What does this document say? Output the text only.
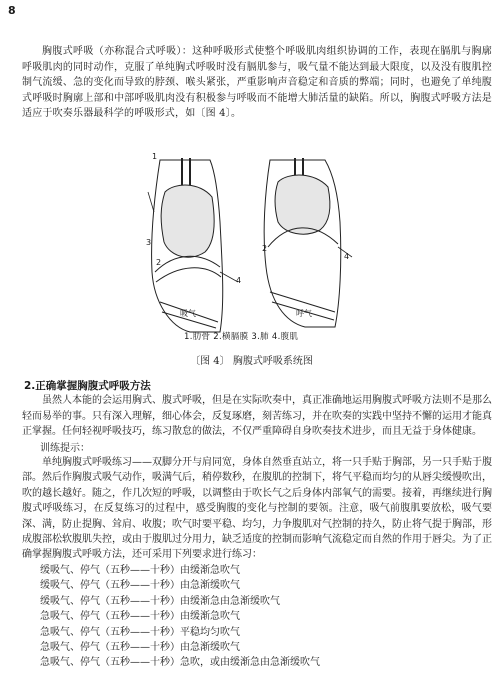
8

胸腹式呼吸（亦称混合式呼吸）：这种呼吸形式使整个呼吸肌肉组织协调的工作，表现在膈肌与胸廓呼吸肌肉的同时动作，克服了单纯胸式呼吸时没有膈肌参与，吸气量不能达到最大限度，以及没有腹肌控制气流缓、急的变化而导致的脖颈、喉头紧张，严重影响声音稳定和音质的弊端；同时，也避免了单纯腹式呼吸时胸廓上部和中部呼吸肌肉没有积极参与呼吸而不能增大肺活量的缺陷。所以，胸腹式呼吸方法是适应于吹奏乐器最科学的呼吸形式，如〔图 4〕。

1
3
2
4
2
4
吸气	呼气
1.肋骨 2.横膈膜 3.肺 4.腹肌
〔图 4〕 胸腹式呼吸系统图
2.正确掌握胸腹式呼吸方法

虽然人本能的会运用胸式、腹式呼吸，但是在实际吹奏中，真正准确地运用胸腹式呼吸方法则不是那么轻而易举的事。只有深入理解，细心体会，反复琢磨，刻苦练习，并在吹奏的实践中坚持不懈的运用才能真正掌握。任何轻视呼吸技巧，练习散怠的做法，不仅严重障碍自身吹奏技术进步，而且无益于身体健康。

训练提示：

单纯胸腹式呼吸练习——双脚分开与肩同宽，身体自然垂直站立，将一只手贴于胸部，另一只手贴于腹部。然后作胸腹式吸气动作，吸满气后，稍停数秒，在腹肌的控制下，将气平稳而均匀的从唇尖缓慢吹出，吹的越长越好。随之，作几次短的呼吸，以调整由于吹长气之后身体内部氧气的需要。接着，再继续进行胸腹式呼吸练习，在反复练习的过程中，感受胸腹的变化与控制的要领。注意，吸气前腹肌要放松，吸气要深、满，防止提胸、耸肩、收腹；吹气时要平稳、均匀，力争腹肌对气控制的持久，防止将气提于胸部，形成腹部松软腹肌失控，或由于腹肌过分用力，缺乏适度的控制而影响气流稳定而自然的作用于唇尖。为了正确掌握胸腹式呼吸方法，还可采用下列要求进行练习：

缓吸气、停气（五秒——十秒）由缓渐急吹气
缓吸气、停气（五秒——十秒）由急渐缓吹气
缓吸气、停气（五秒——十秒）由缓渐急由急渐缓吹气
急吸气、停气（五秒——十秒）由缓渐急吹气
急吸气、停气（五秒——十秒）平稳均匀吹气
急吸气、停气（五秒——十秒）由急渐缓吹气
急吸气、停气（五秒——十秒）急吹，或由缓渐急由急渐缓吹气
